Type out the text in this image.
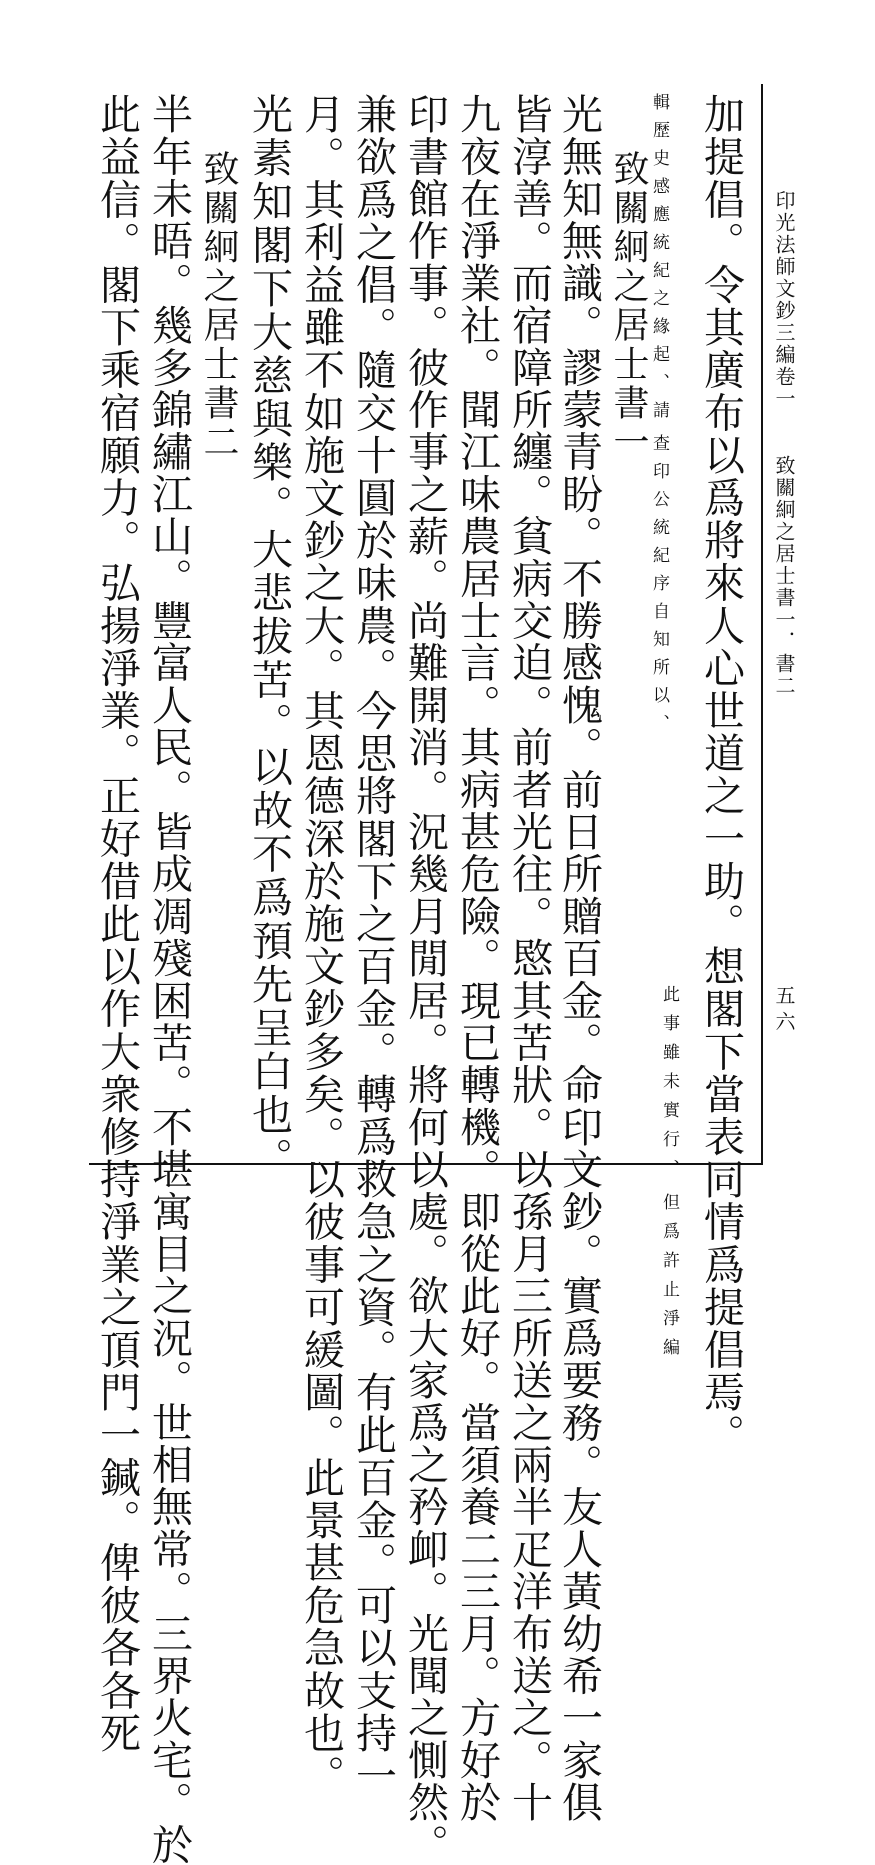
印光法師文鈔三編卷一
致關絅之居士書一．書二
五六
加提倡。令其廣布以爲將來人心世道之一助。想閣下當表同情爲提倡焉。
輯歷史感應統紀之緣起、請 查印公統紀序自知所以、
此事雖未實行、 但爲許止淨編
致關絅之居士書一
光無知無識。謬蒙青盼。不勝感愧。前日所贈百金。命印文鈔。實爲要務。友人黃幼希一家俱
皆淳善。而宿障所纏。貧病交迫。前者光往。愍其苦狀。以孫月三所送之兩半疋洋布送之。十
九夜在淨業社。聞江味農居士言。其病甚危險。現已轉機。即從此好。當須養二三月。方好於
印書館作事。彼作事之薪。尚難開消。況幾月閒居。將何以處。欲大家爲之矜卹。光聞之惻然。
兼欲爲之倡。隨交十圓於味農。今思將閣下之百金。轉爲救急之資。有此百金。可以支持一
月。其利益雖不如施文鈔之大。其恩德深於施文鈔多矣。以彼事可緩圖。此景甚危急故也。
光素知閣下大慈與樂。大悲拔苦。以故不爲預先呈白也。
致關絅之居士書二
半年未晤。幾多錦繡江山。豐富人民。皆成凋殘困苦。不堪寓目之況。世相無常。三界火宅。於
此益信。閣下乘宿願力。弘揚淨業。正好借此以作大衆修持淨業之頂門一鍼。俾彼各各死
